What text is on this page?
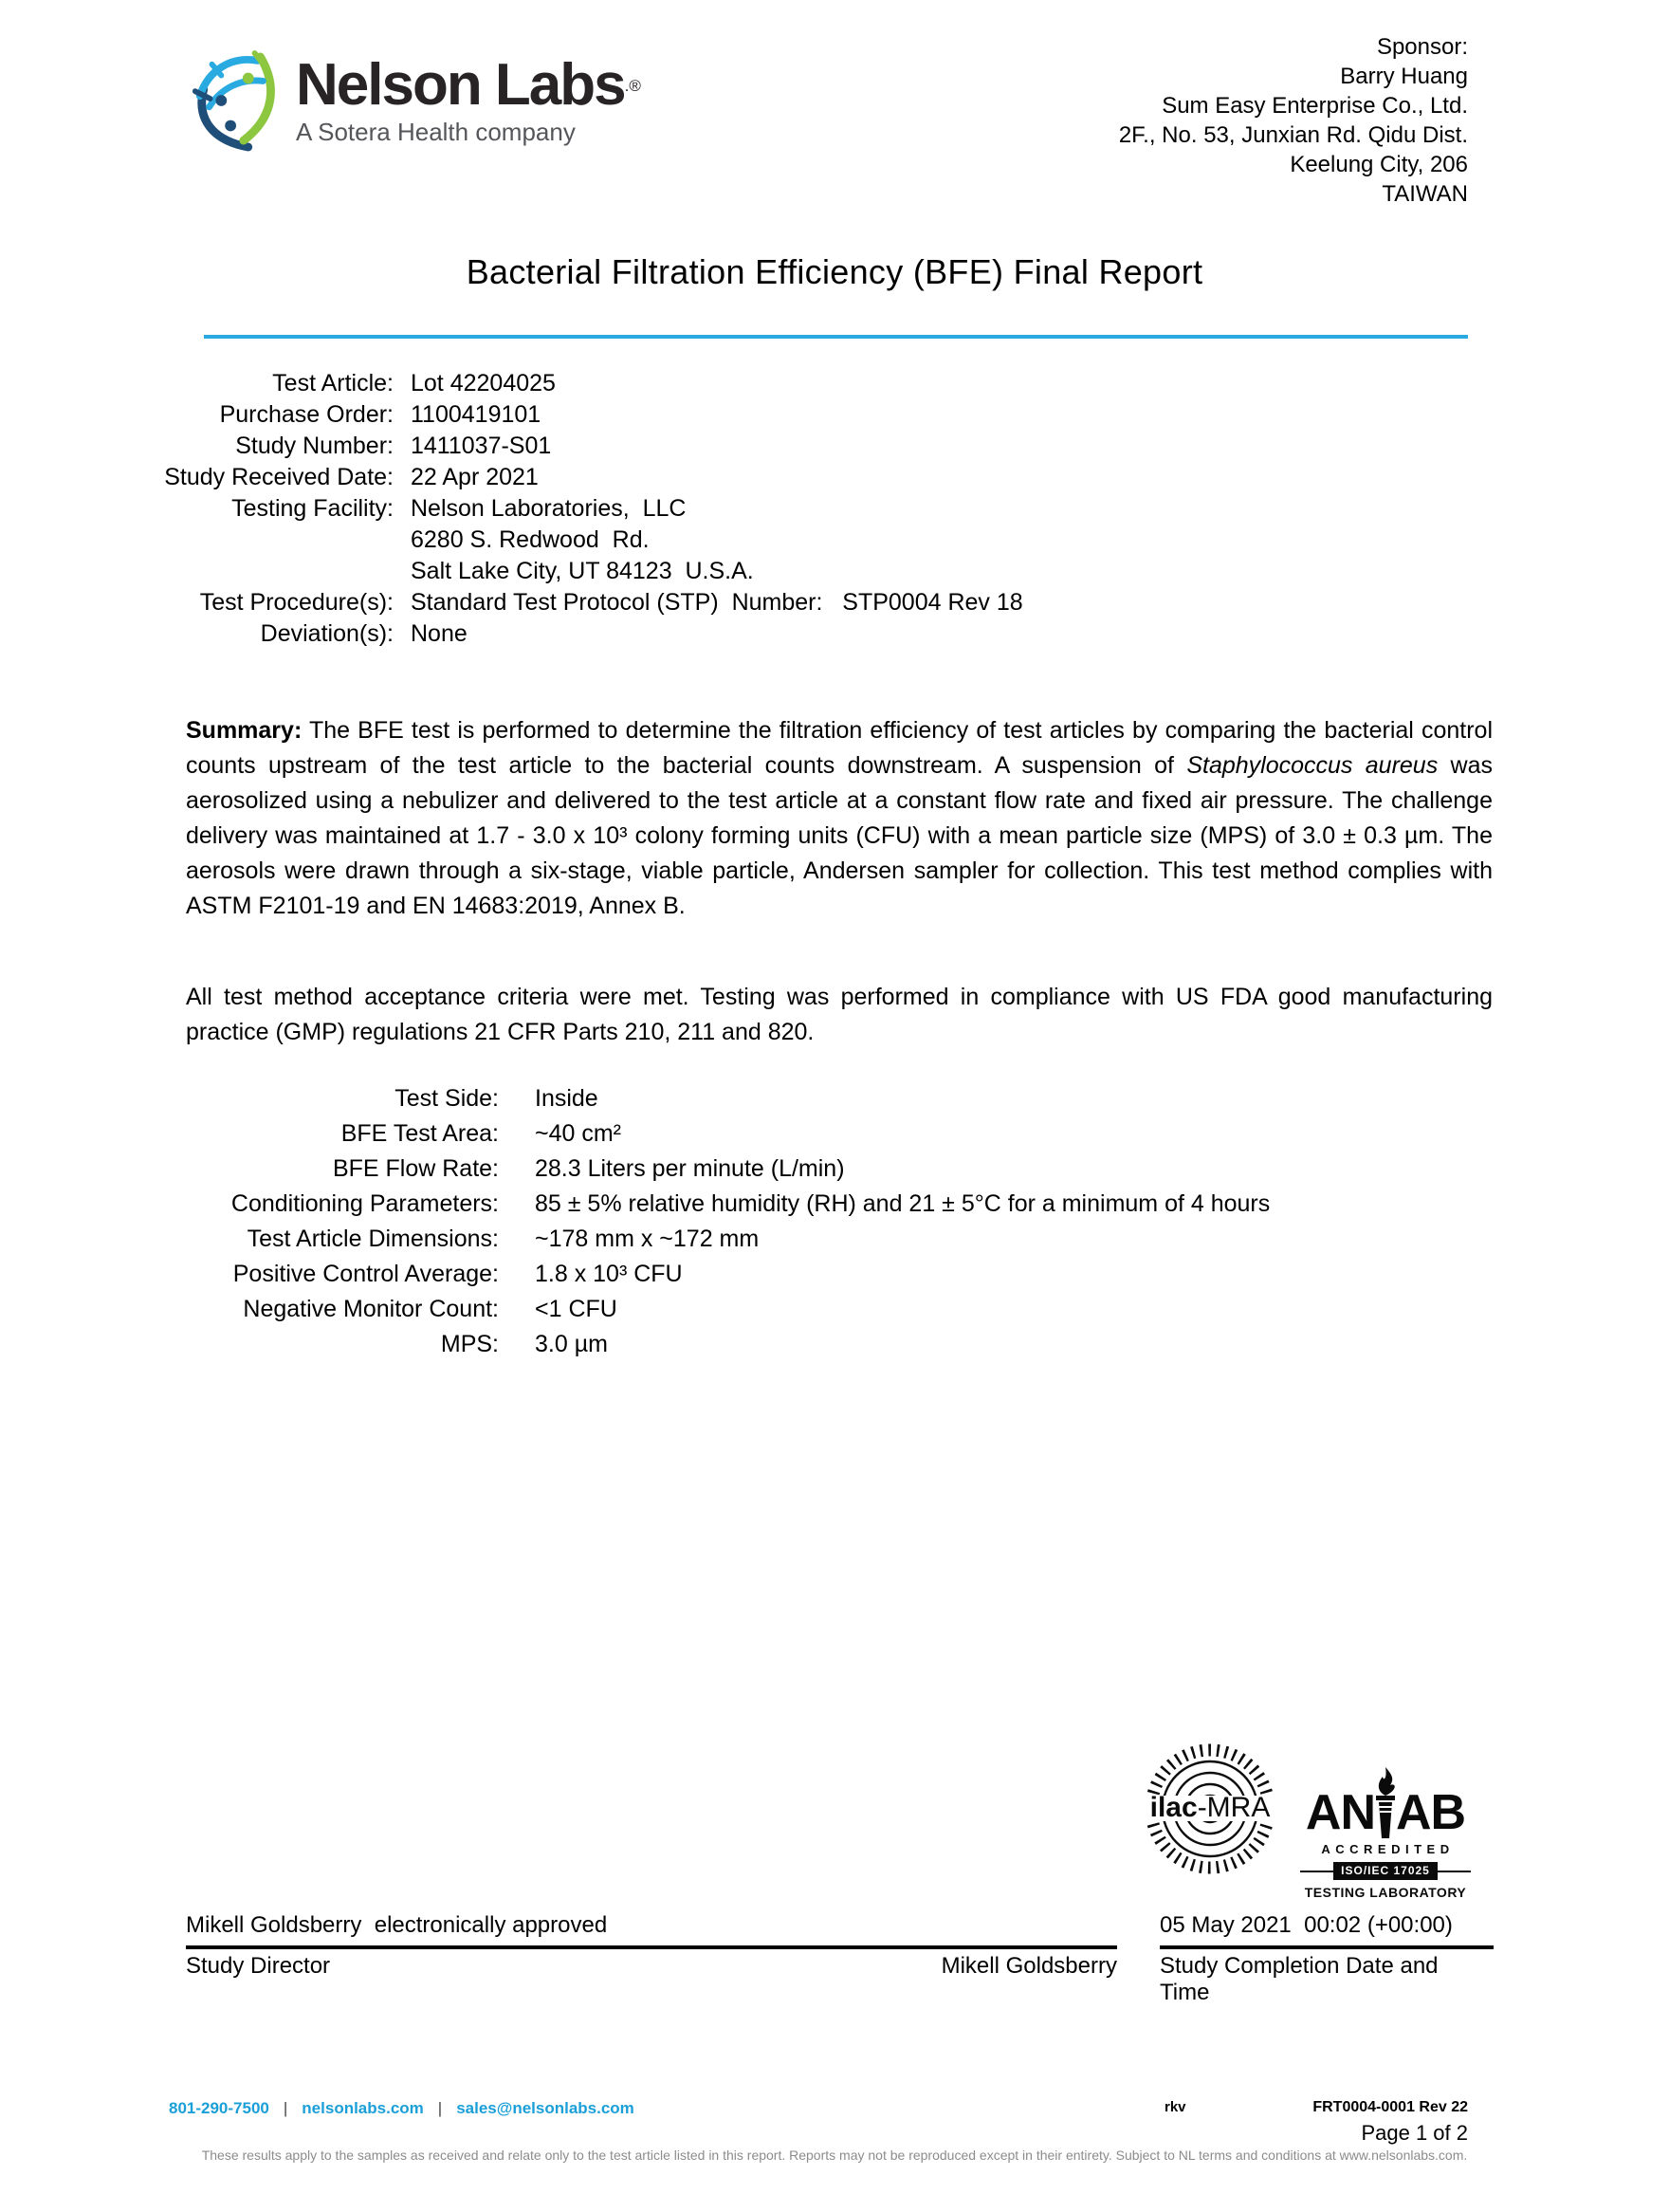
Nelson Labs.®
A Sotera Health company
Sponsor:
Barry Huang
Sum Easy Enterprise Co., Ltd.
2F., No. 53, Junxian Rd. Qidu Dist.
Keelung City, 206
TAIWAN
Bacterial Filtration Efficiency (BFE) Final Report
Test Article: Lot 42204025
Purchase Order: 1100419101
Study Number: 1411037-S01
Study Received Date: 22 Apr 2021
Testing Facility: Nelson Laboratories,  LLC
6280 S. Redwood  Rd.
Salt Lake City, UT 84123  U.S.A.
Test Procedure(s): Standard Test Protocol (STP)  Number:   STP0004 Rev 18
Deviation(s): None
Summary: The BFE test is performed to determine the filtration efficiency of test articles by comparing the bacterial control counts upstream of the test article to the bacterial counts downstream. A suspension of Staphylococcus aureus was aerosolized using a nebulizer and delivered to the test article at a constant flow rate and fixed air pressure. The challenge delivery was maintained at 1.7 - 3.0 x 10³ colony forming units (CFU) with a mean particle size (MPS) of 3.0 ± 0.3 µm. The aerosols were drawn through a six-stage, viable particle, Andersen sampler for collection. This test method complies with ASTM F2101-19 and EN 14683:2019, Annex B.
All test method acceptance criteria were met. Testing was performed in compliance with US FDA good manufacturing practice (GMP) regulations 21 CFR Parts 210, 211 and 820.
Test Side: Inside
BFE Test Area: ~40 cm²
BFE Flow Rate: 28.3 Liters per minute (L/min)
Conditioning Parameters: 85 ± 5% relative humidity (RH) and 21 ± 5°C for a minimum of 4 hours
Test Article Dimensions: ~178 mm x ~172 mm
Positive Control Average: 1.8 x 10³ CFU
Negative Monitor Count: <1 CFU
MPS: 3.0 µm
ilac-MRA AN AB
ACCREDITED
ISO/IEC 17025
TESTING LABORATORY
Mikell Goldsberry  electronically approved
Study Director	Mikell Goldsberry
05 May 2021  00:02 (+00:00)
Study Completion Date and Time
801-290-7500 | nelsonlabs.com | sales@nelsonlabs.com	rkv	FRT0004-0001 Rev 22
Page 1 of 2
These results apply to the samples as received and relate only to the test article listed in this report. Reports may not be reproduced except in their entirety. Subject to NL terms and conditions at www.nelsonlabs.com.
